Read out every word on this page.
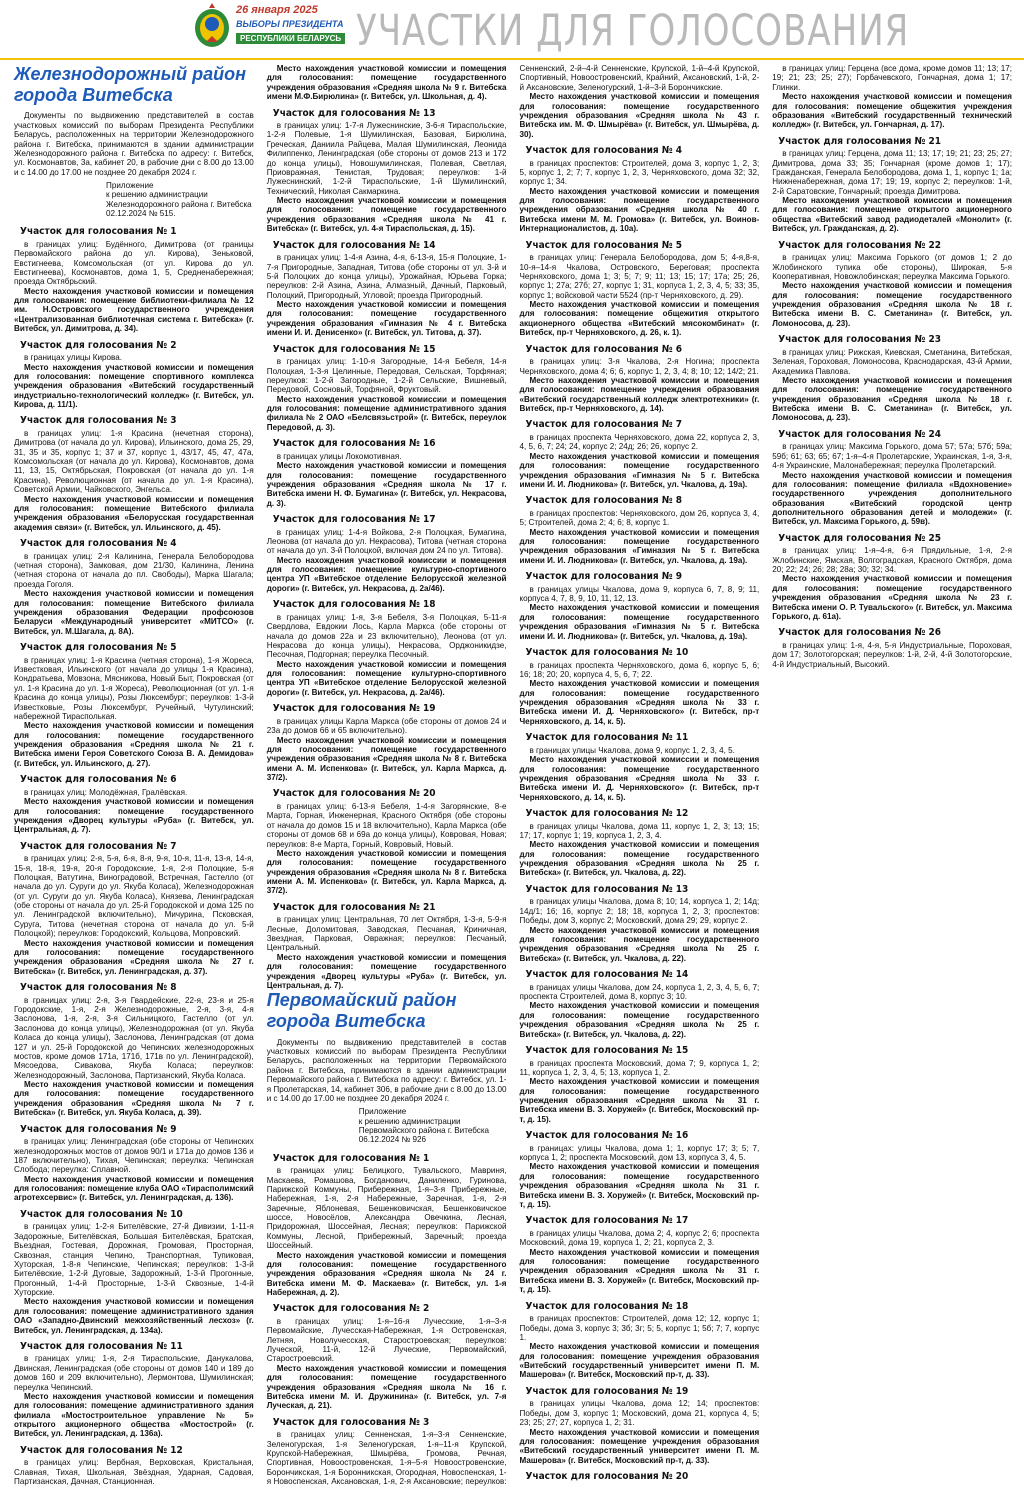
26 января 2025
ВЫБОРЫ ПРЕЗИДЕНТА
РЕСПУБЛИКИ БЕЛАРУСЬ УЧАСТКИ ДЛЯ ГОЛОСОВАНИЯ
Железнодорожный район города Витебска

Документы по выдвижению представителей в состав участковых комиссий по выборам Президента Республики Беларусь, расположенных на территории Железнодорожного района г. Витебска, принимаются в здании администрации Железнодорожного района г. Витебска по адресу: г. Витебск, ул. Космонавтов, 3а, кабинет 20, в рабочие дни с 8.00 до 13.00 и с 14.00 до 17.00 не позднее 20 декабря 2024 г.

Приложение
к решению администрации Железнодорожного района г. Витебска
02.12.2024 № 515.
Участок для голосования № 1

в границах улиц: Будённого, Димитрова (от границы Первомайского района до ул. Кирова), Зеньковой, Евстигнеева, Комсомольская (от ул. Кирова до ул. Евстигнеева), Космонавтов, дома 1, 5, Средненабережная; проезда Октябрьский.

Место нахождения участковой комиссии и помещения для голосования: помещение библиотеки-филиала № 12 им. Н.Островского государственного учреждения «Централизованная библиотечная система г. Витебска» (г. Витебск, ул. Димитрова, д. 34).

Участок для голосования № 2

в границах улицы Кирова.

Место нахождения участковой комиссии и помещения для голосования: помещение спортивного комплекса учреждения образования «Витебский государственный индустриально-технологический колледж» (г. Витебск, ул. Кирова, д. 11/1).

Участок для голосования № 3

в границах улиц: 1-я Красина (нечетная сторона), Димитрова (от начала до ул. Кирова), Ильинского, дома 25, 29, 31, 35 и 35, корпус 1; 37 и 37, корпус 1, 43/17, 45, 47, 47а, Комсомольская (от начала до ул. Кирова), Космонавтов, дома 11, 13, 15, Октябрьская, Покровская (от начала до ул. 1-я Красина), Революционная (от начала до ул. 1-я Красина), Советской Армии, Чайковского, Энгельса.

Место нахождения участковой комиссии и помещения для голосования: помещение Витебского филиала учреждения образования «Белорусская государственная академия связи» (г. Витебск, ул. Ильинского, д. 45).

Участок для голосования № 4

в границах улиц: 2-я Калинина, Генерала Белобородова (четная сторона), Замковая, дом 21/30, Калинина, Ленина (четная сторона от начала до пл. Свободы), Марка Шагала; проезда Гоголя.

Место нахождения участковой комиссии и помещения для голосования: помещение Витебского филиала учреждения образования Федерации профсоюзов Беларуси «Международный университет «МИТСО» (г. Витебск, ул. М.Шагала, д. 8А).

Участок для голосования № 5

в границах улиц: 1-я Красина (четная сторона), 1-я Жореса, Известковая, Ильинского (от начала до улицы 1-я Красина), Кондратьева, Мовзона, Мясникова, Новый Быт, Покровская (от ул. 1-я Красина до ул. 1-я Жореса), Революционная (от ул. 1-я Красина до конца улицы), Розы Люксембург; переулков: 1-3-й Известковые, Розы Люксембург, Ручейный, Чутулинский; набережной Тирасполькая.

Место нахождения участковой комиссии и помещения для голосования: помещение государственного учреждения образования «Средняя школа № 21 г. Витебска имени Героя Советского Союза В. А. Демидова» (г. Витебск, ул. Ильинского, д. 27).

Участок для голосования № 6

в границах улиц: Молодёжная, Гралёвская.

Место нахождения участковой комиссии и помещения для голосования: помещение государственного учреждения «Дворец культуры «Руба» (г. Витебск, ул. Центральная, д. 7).

Участок для голосования № 7

в границах улиц: 2-я, 5-я, 6-я, 8-я, 9-я, 10-я, 11-я, 13-я, 14-я, 15-я, 18-я, 19-я, 20-я Городокские, 1-я, 2-я Полоцкие, 5-я Полоцкая, Ватутина, Виноградовой, Встречная, Гастелло (от начала до ул. Суруги до ул. Якуба Коласа), Железнодорожная (от ул. Суруги до ул. Якуба Коласа), Князева, Ленинградская (обе стороны от начала до ул. 25-й Городокской и дома 125 по ул. Ленинградской включительно), Мичурина, Псковская, Суруга, Титова (нечетная сторона от начала до ул. 5-й Полоцкой); переулков: Городокский, Кольцова, Мопровский.

Место нахождения участковой комиссии и помещения для голосования: помещение государственного учреждения образования «Средняя школа № 27 г. Витебска» (г. Витебск, ул. Ленинградская, д. 37).

Участок для голосования № 8

в границах улиц: 2-я, 3-я Гвардейские, 22-я, 23-я и 25-я Городокские, 1-я, 2-я Железнодорожные, 2-я, 3-я, 4-я Заслонова, 1-я, 2-я, 3-я Сильницкого, Гастелло (от ул. Заслонова до конца улицы), Железнодорожная (от ул. Якуба Коласа до конца улицы), Заслонова, Ленинградская (от дома 127 и ул. 25-й Городокской до Чепинских железнодорожных мостов, кроме домов 171а, 171б, 171в по ул. Ленинградской), Мясоедова, Сивакова, Якуба Коласа; переулков: Железнодорожный, Заслонова, Партизанский, Якуба Коласа.

Место нахождения участковой комиссии и помещения для голосования: помещение государственного учреждения образования «Средняя школа № 7 г. Витебска» (г. Витебск, ул. Якуба Коласа, д. 39).

Участок для голосования № 9

в границах улиц: Ленинградская (обе стороны от Чепинских железнодорожных мостов от домов 90/1 и 171а до домов 136 и 187 включительно), Тихая, Чепинская; переулка: Чепинская Слобода; переулка: Сплавной.

Место нахождения участковой комиссии и помещения для голосования: помещение клуба ОАО «Тирасполимский агротехсервис» (г. Витебск, ул. Ленинградская, д. 136).

Участок для голосования № 10

в границах улиц: 1-2-я Бителёвские, 27-й Дивизии, 1-11-я Задорожные, Бителёвская, Большая Бителёвская, Братская, Вьездная, Гостевая, Дорожная, Громовая, Просторная, Сквозная, станция Чепино, Транспортная, Тупиковая, Хуторская, 1-8-я Чепинские, Чепинская; переулков: 1-3-й Бителёвские, 1-2-й Дуговые, Задорожный, 1-3-й Прогонные, Прогонный, 1-4-й Просторные, 1-3-й Сквозные, 1-4-й Хуторские.

Место нахождения участковой комиссии и помещения для голосования: помещение административного здания ОАО «Западно-Двинский межхозяйственный лесхоз» (г. Витебск, ул. Ленинградская, д. 134а).

Участок для голосования № 11

в границах улиц: 1-я, 2-я Тираспольские, Данукалова, Двинская, Ленинградская (обе стороны от домов 140 и 189 до домов 160 и 209 включительно), Лермонтова, Шумилинская; переулка Чепинский.

Место нахождения участковой комиссии и помещения для голосования: помещение административного здания филиала «Мостостроительное управление № 5» открытого акционерного общества «Мостострой» (г. Витебск, ул. Ленинградская, д. 136а).

Участок для голосования № 12

в границах улиц: Вербная, Верховская, Кристальная, Славная, Тихая, Школьная, Звёздная, Ударная, Садовая, Партизанская, Дачная, Станционная.

Место нахождения участковой комиссии и помещения для голосования: помещение государственного учреждения образования «Средняя школа № 9 г. Витебска имени М.Ф.Бирюлина» (г. Витебск, ул. Школьная, д. 4).

Участок для голосования № 13

в границах улиц: 1-7-я Лужеснинские, 3-6-я Тираспольские, 1-2-я Полевые, 1-я Шумилинская, Базовая, Бирюлина, Греческая, Даниила Райцева, Малая Шумилинская, Леонида Филиппенко, Ленинградская (обе стороны от домов 213 и 172 до конца улицы), Новошумилинская, Полевая, Светлая, Приовражная, Тенистая, Трудовая; переулков: 1-й Лужеснинский, 1-2-й Тираспольские, 1-й Шумилинский, Технический, Николая Сакмаркина.

Место нахождения участковой комиссии и помещения для голосования: помещение государственного учреждения образования «Средняя школа № 41 г. Витебска» (г. Витебск, ул. 4-я Тираспольская, д. 15).

Участок для голосования № 14

в границах улиц: 1-4-я Азина, 4-я, 6-13-я, 15-я Полоцкие, 1-7-я Пригородные, Западная, Титова (обе стороны от ул. 3-й и 5-й Полоцких до конца улицы), Урожайная, Юрьева Горка; переулков: 2-й Азина, Азина, Алмазный, Дачный, Парковый, Полоцкий, Пригородный, Угловой; проезда Пригородный.

Место нахождения участковой комиссии и помещения для голосования: помещение государственного учреждения образования «Гимназия № 4 г. Витебска имени И. И. Дениcенко» (г. Витебск, ул. Титова, д. 37).

Участок для голосования № 15

в границах улиц: 1-10-я Загородные, 14-я Бебеля, 14-я Полоцкая, 1-3-я Целинные, Передовая, Сельская, Торфяная; переулков: 1-2-й Загородные, 1-2-й Сельские, Вишневый, Передовой, Сосновый, Торфяной, Фруктовый.

Место нахождения участковой комиссии и помещения для голосования: помещение административного здания филиала № 2 ОАО «Белсвязьстрой» (г. Витебск, переулок Передовой, д. 3).

Участок для голосования № 16

в границах улицы Локомотивная.

Место нахождения участковой комиссии и помещения для голосования: помещение государственного учреждения образования «Средняя школа № 17 г. Витебска имени Н. Ф. Бумагина» (г. Витебск, ул. Некрасова, д. 3).

Участок для голосования № 17

в границах улиц: 1-4-я Войкова, 2-я Полоцкая, Бумагина, Леонова (от начала до ул. Некрасова), Титова (четная сторона от начала до ул. 3-й Полоцкой, включая дом 24 по ул. Титова).

Место нахождения участковой комиссии и помещения для голосования: помещение культурно-спортивного центра УП «Витебское отделение Белорусской железной дороги» (г. Витебск, ул. Некрасова, д. 2а/46).

Участок для голосования № 18

в границах улиц: 1-я, 3-я Бебеля, 3-я Полоцкая, 5-11-я Свердлова, Евдокии Лось, Карла Маркса (обе стороны от начала до домов 22а и 23 включительно), Леонова (от ул. Некрасова до конца улицы), Некрасова, Орджоникидзе, Песочная, Подгорная; переулка Песочный.

Место нахождения участковой комиссии и помещения для голосования: помещение культурно-спортивного центра УП «Витебское отделение Белорусской железной дороги» (г. Витебск, ул. Некрасова, д. 2а/46).

Участок для голосования № 19

в границах улицы Карла Маркса (обе стороны от домов 24 и 23а до домов 66 и 65 включительно).

Место нахождения участковой комиссии и помещения для голосования: помещение государственного учреждения образования «Средняя школа № 8 г. Витебска имени А. М. Испенкова» (г. Витебск, ул. Карла Маркса, д. 37/2).

Участок для голосования № 20

в границах улиц: 6-13-я Бебеля, 1-4-я Загорянские, 8-е Марта, Горная, Инженерная, Красного Октября (обе стороны от начала до домов 15 и 18 включительно), Карла Маркса (обе стороны от домов 68 и 69а до конца улицы), Ковровая, Новая; переулков: 8-е Марта, Горный, Ковровый, Новый.

Место нахождения участковой комиссии и помещения для голосования: помещение государственного учреждения образования «Средняя школа № 8 г. Витебска имени А. М. Испенкова» (г. Витебск, ул. Карла Маркса, д. 37/2).

Участок для голосования № 21

в границах улиц: Центральная, 70 лет Октября, 1-3-я, 5-9-я Лесные, Доломитовая, Заводская, Песчаная, Криничная, Звездная, Парковая, Овражная; переулков: Песчаный, Центральный.

Место нахождения участковой комиссии и помещения для голосования: помещение государственного учреждения «Дворец культуры «Руба» (г. Витебск, ул. Центральная, д. 7).

Первомайский район города Витебска

Документы по выдвижению представителей в состав участковых комиссий по выборам Президента Республики Беларусь, расположенных на территории Первомайского района г. Витебска, принимаются в здании администрации Первомайского района г. Витебска по адресу: г. Витебск, ул. 1-я Пролетарская, 14, кабинет 306, в рабочие дни с 8.00 до 13.00 и с 14.00 до 17.00 не позднее 20 декабря 2024 г.

Приложение
к решению администрации Первомайского района г. Витебска
06.12.2024 № 926
Участок для голосования № 1

в границах улиц: Белицкого, Тувальского, Мавриня, Маскаева, Ромашова, Богданович, Даниленко, Гуринова, Парижской Коммуны, Прибережная, 1-я–3-я Прибережные, Набережная, 1-я, 2-я Набережные, Заречная, 1-я, 2-я Заречные, Яблоневая, Бешенковичская, Бешенковичское шоссе, Новосёлов, Александра Овечкина, Лесная, Придорожная, Шоссейная, Лесная; переулков: Парижской Коммуны, Лесной, Прибережный, Заречный; проезда Шоссейный.

Место нахождения участковой комиссии и помещения для голосования: помещение государственного учреждения образования «Средняя школа № 24 г. Витебска имени М. Ф. Маскаева» (г. Витебск, ул. 1-я Набережная, д. 2).

Участок для голосования № 2

в границах улиц: 1-я–16-я Лучесские, 1-я–3-я Первомайские, Лучесская-Набережная, 1-я Островенская, Летняя, Новолучесская, Старостроевская; переулков: Луческой, 11-й, 12-й Луческие, Первомайский, Старостроевский.

Место нахождения участковой комиссии и помещения для голосования: помещение государственного учреждения образования «Средняя школа № 16 г. Витебска имени М. И. Дружинина» (г. Витебск, ул. 7-я Луческая, д. 21).

Участок для голосования № 3

в границах улиц: Сенненская, 1-я–3-я Сенненские, Зеленогурская, 1-я Зеленогурская, 1-я–11-я Крупской, Крупской-Набережная, Шмырёва, Громова, Речная, Спортивная, Новоостровенская, 1-я–5-я Новоостровенские, Борончикская, 1-я Боронникская, Огородная, Новоспенская, 1-я Новоспенская, Аксановская, 1-я, 2-я Аксановские; переулков: Сенненский, 2-й–4-й Сенненские, Крупской, 1-й–4-й Крупской, Спортивный, Новоостровенский, Крайний, Аксановский, 1-й, 2-й Аксановские, Зеленогурский, 1-й–3-й Борончикские.

Место нахождения участковой комиссии и помещения для голосования: помещение государственного учреждения образования «Средняя школа № 43 г. Витебска им. М. Ф. Шмырёва» (г. Витебск, ул. Шмырёва, д. 30).

Участок для голосования № 4

в границах проспектов: Строителей, дома 3, корпус 1, 2, 3; 5, корпус 1, 2; 7; 7, корпус 1, 2, 3, Черняховского, дома 32; 32, корпус 1; 34.

Место нахождения участковой комиссии и помещения для голосования: помещение государственного учреждения образования «Средняя школа № 40 г. Витебска имени М. М. Громова» (г. Витебск, ул. Воинов-Интернационалистов, д. 10а).

Участок для голосования № 5

в границах улиц: Генерала Белобородова, дом 5; 4-я,8-я, 10-я–14-я Чкалова, Островского, Береговая; проспекта Черняховского, дома 1; 3; 5; 7; 9; 11; 13; 15; 17; 17а; 25; 26, корпус 1; 27а; 27б; 27, корпус 1; 31, корпуса 1, 2, 3, 4, 5; 33; 35, корпус 1; войсковой части 5524 (пр-т Черняховского, д. 29).

Место нахождения участковой комиссии и помещения для голосования: помещение общежития открытого акционерного общества «Витебский мясокомбинат» (г. Витебск, пр-т Черняховского, д. 26, к. 1).

Участок для голосования № 6

в границах улиц: 3-я Чкалова, 2-я Ногина; проспекта Черняховского, дома 4; 6; 6, корпус 1, 2, 3, 4; 8; 10; 12; 14/2; 21.

Место нахождения участковой комиссии и помещения для голосования: помещение учреждения образования «Витебский государственный колледж электротехники» (г. Витебск, пр-т Черняховского, д. 14).

Участок для голосования № 7

в границах проспекта Черняховского, дома 22, корпуса 2, 3, 4, 5, 6, 7; 24; 24, корпус 2; 24д; 26; 26, корпус 2.

Место нахождения участковой комиссии и помещения для голосования: помещение государственного учреждения образования «Гимназия № 5 г. Витебска имени И. И. Людникова» (г. Витебск, ул. Чкалова, д. 19а).

Участок для голосования № 8

в границах проспектов: Черняховского, дом 26, корпуса 3, 4, 5; Строителей, дома 2; 4; 6; 8, корпус 1.

Место нахождения участковой комиссии и помещения для голосования: помещение государственного учреждения образования «Гимназия № 5 г. Витебска имени И. И. Людникова» (г. Витебск, ул. Чкалова, д. 19а).

Участок для голосования № 9

в границах улицы Чкалова, дома 9, корпуса 6, 7, 8, 9; 11, корпуса 4, 7, 8, 9, 10, 11, 12, 13.

Место нахождения участковой комиссии и помещения для голосования: помещение государственного учреждения образования «Гимназия № 5 г. Витебска имени И. И. Людникова» (г. Витебск, ул. Чкалова, д. 19а).

Участок для голосования № 10

в границах проспекта Черняховского, дома 6, корпус 5, 6; 16; 18; 20; 20, корпуса 4, 5, 6, 7; 22.

Место нахождения участковой комиссии и помещения для голосования: помещение государственного учреждения образования «Средняя школа № 33 г. Витебска имени И. Д. Черняховского» (г. Витебск, пр-т Черняховского, д. 14, к. 5).

Участок для голосования № 11

в границах улицы Чкалова, дома 9, корпус 1, 2, 3, 4, 5.

Место нахождения участковой комиссии и помещения для голосования: помещение государственного учреждения образования «Средняя школа № 33 г. Витебска имени И. Д. Черняховского» (г. Витебск, пр-т Черняховского, д. 14, к. 5).

Участок для голосования № 12

в границах улицы Чкалова, дома 11, корпус 1, 2, 3; 13; 15; 17; 17, корпус 1; 19, корпуса 1, 2, 3, 4.

Место нахождения участковой комиссии и помещения для голосования: помещение государственного учреждения образования «Средняя школа № 25 г. Витебска» (г. Витебск, ул. Чкалова, д. 22).

Участок для голосования № 13

в границах улицы Чкалова, дома 8; 10; 14, корпуса 1, 2; 14д; 14д/1; 16; 16, корпус 2; 18; 18, корпуса 1, 2, 3; проспектов: Победы, дом 3, корпус 2; Московский, дома 29; 29, корпус 2.

Место нахождения участковой комиссии и помещения для голосования: помещение государственного учреждения образования «Средняя школа № 25 г. Витебска» (г. Витебск, ул. Чкалова, д. 22).

Участок для голосования № 14

в границах улицы Чкалова, дом 24, корпуса 1, 2, 3, 4, 5, 6, 7; проспекта Строителей, дома 8, корпус 3; 10.

Место нахождения участковой комиссии и помещения для голосования: помещение государственного учреждения образования «Средняя школа № 25 г. Витебска» (г. Витебск, ул. Чкалова, д. 22).

Участок для голосования № 15

в границах проспекта Московский, дома 7; 9, корпуса 1, 2; 11, корпуса 1, 2, 3, 4, 5; 13, корпуса 1, 2.

Место нахождения участковой комиссии и помещения для голосования: помещение государственного учреждения образования «Средняя школа № 31 г. Витебска имени В. З. Хоружей» (г. Витебск, Московский пр-т, д. 15).

Участок для голосования № 16

в границах: улицы Чкалова, дома 1; 1, корпус 17; 3; 5; 7, корпуса 1, 2; проспекта Московский, дом 13, корпуса 3, 4, 5.

Место нахождения участковой комиссии и помещения для голосования: помещение государственного учреждения образования «Средняя школа № 31 г. Витебска имени В. З. Хоружей» (г. Витебск, Московский пр-т, д. 15).

Участок для голосования № 17

в границах улицы Чкалова, дома 2; 4, корпус 2; 6; проспекта Московский, дома 19, корпуса 1, 2; 21, корпуса 2, 3.

Место нахождения участковой комиссии и помещения для голосования: помещение государственного учреждения образования «Средняя школа № 31 г. Витебска имени В. З. Хоружей» (г. Витебск, Московский пр-т, д. 15).

Участок для голосования № 18

в границах проспектов: Строителей, дома 12; 12, корпус 1; Победы, дома 3, корпус 3; 3б; 3г; 5; 5, корпус 1; 5б; 7; 7, корпус 1.

Место нахождения участковой комиссии и помещения для голосования: помещение учреждения образования «Витебский государственный университет имени П. М. Машерова» (г. Витебск, Московский пр-т, д. 33).

Участок для голосования № 19

в границах улицы Чкалова, дома 12; 14; проспектов: Победы, дом 3, корпус 1; Московский, дома 21, корпуса 4, 5; 23; 25; 27; 27, корпуса 1, 2; 31.

Место нахождения участковой комиссии и помещения для голосования: помещение учреждения образования «Витебский государственный университет имени П. М. Машерова» (г. Витебск, Московский пр-т, д. 33).

Участок для голосования № 20

в границах улиц: Герцена (все дома, кроме домов 11; 13; 17; 19; 21; 23; 25; 27); Горбачевского, Гончарная, дома 1; 17; Глинки.

Место нахождения участковой комиссии и помещения для голосования: помещение общежития учреждения образования «Витебский государственный технический колледж» (г. Витебск, ул. Гончарная, д. 17).

Участок для голосования № 21

в границах улиц: Герцена, дома 11; 13; 17; 19; 21; 23; 25; 27; Димитрова, дома 33; 35; Гончарная (кроме домов 1; 17); Гражданская, Генерала Белобородова, дома 1, 1, корпус 1; 1а; Нижненабережная, дома 17; 19; 19, корпус 2; переулков: 1-й, 2-й Саратовские, Гончарный; проезда Димитрова.

Место нахождения участковой комиссии и помещения для голосования: помещение открытого акционерного общества «Витебский завод радиодеталей «Монолит» (г. Витебск, ул. Гражданская, д. 2).

Участок для голосования № 22

в границах улиц: Максима Горького (от домов 1; 2 до Жлобинского тупика обе стороны), Широкая, 5-я Кооперативная, Новожлобинская; переулка Максима Горького.

Место нахождения участковой комиссии и помещения для голосования: помещение государственного учреждения образования «Средняя школа № 18 г. Витебска имени В. С. Сметанина» (г. Витебск, ул. Ломоносова, д. 23).

Участок для голосования № 23

в границах улиц: Рижская, Киевская, Сметанина, Витебская, Зеленая, Гороховая, Ломоносова, Краснодарская, 43-й Армии, Академика Павлова.

Место нахождения участковой комиссии и помещения для голосования: помещение государственного учреждения образования «Средняя школа № 18 г. Витебска имени В. С. Сметанина» (г. Витебск, ул. Ломоносова, д. 23).

Участок для голосования № 24

в границах улиц: Максима Горького, дома 57; 57а; 57б; 59а; 59б; 61; 63; 65; 67; 1-я–4-я Пролетарские, Украинская, 1-я, 3-я, 4-я Украинские, Малонабережная; переулка Пролетарский.

Место нахождения участковой комиссии и помещения для голосования: помещение филиала «Вдохновение» государственного учреждения дополнительного образования «Витебский городской центр дополнительного образования детей и молодежи» (г. Витебск, ул. Максима Горького, д. 59в).

Участок для голосования № 25

в границах улиц: 1-я–4-я, 6-я Прядильные, 1-я, 2-я Жлобинские, Ямская, Волгоградская, Красного Октября, дома 20; 22; 24; 26; 28; 28а; 30; 32; 34.

Место нахождения участковой комиссии и помещения для голосования: помещение государственного учреждения образования «Средняя школа № 23 г. Витебска имени О. Р. Тувальского» (г. Витебск, ул. Максима Горького, д. 61а).

Участок для голосования № 26

в границах улиц: 1-я, 4-я, 5-я Индустриальные, Пороховая, дом 17; Золотогорская; переулков: 1-й, 2-й, 4-й Золотогорские, 4-й Индустриальный, Высокий.
